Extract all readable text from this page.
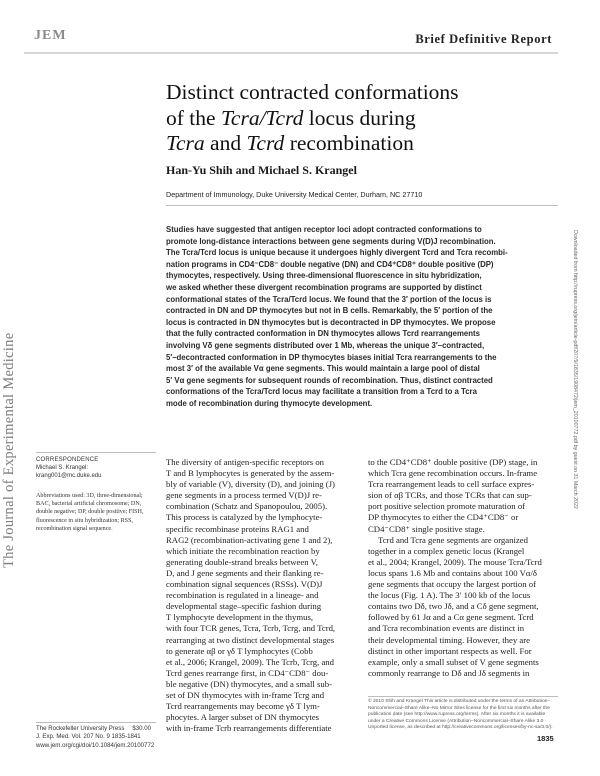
JEM	Brief Definitive Report
The Journal of Experimental Medicine	Downloaded from http://rupress.org/jem/article-pdf/207/9/1835/1908472/jem_20100772.pdf by guest on 31 March 2022
Distinct contracted conformations
of the Tcra/Tcrd locus during
Tcra and Tcrd recombination
Han-Yu Shih and Michael S. Krangel
Department of Immunology, Duke University Medical Center, Durham, NC 27710

Studies have suggested that antigen receptor loci adopt contracted conformations to

promote long-distance interactions between gene segments during V(D)J recombination.

The Tcra/Tcrd locus is unique because it undergoes highly divergent Tcrd and Tcra recombi-

nation programs in CD4⁻CD8⁻ double negative (DN) and CD4⁺CD8⁺ double positive (DP)

thymocytes, respectively. Using three-dimensional fluorescence in situ hybridization,

we asked whether these divergent recombination programs are supported by distinct

conformational states of the Tcra/Tcrd locus. We found that the 3′ portion of the locus is

contracted in DN and DP thymocytes but not in B cells. Remarkably, the 5′ portion of the

locus is contracted in DN thymocytes but is decontracted in DP thymocytes. We propose

that the fully contracted conformation in DN thymocytes allows Tcrd rearrangements

involving Vδ gene segments distributed over 1 Mb, whereas the unique 3′–contracted,

5′–decontracted conformation in DP thymocytes biases initial Tcra rearrangements to the

most 3′ of the available Vα gene segments. This would maintain a large pool of distal

5′ Vα gene segments for subsequent rounds of recombination. Thus, distinct contracted

conformations of the Tcra/Tcrd locus may facilitate a transition from a Tcrd to a Tcra

mode of recombination during thymocyte development.

CORRESPONDENCE
Michael S. Krangel:
krang001@mc.duke.edu
Abbreviations used: 3D, three-dimensional; BAC, bacterial artificial chromosome; DN, double negative; DP, double positive; FISH, fluorescence in situ hybridization; RSS, recombination signal sequence.

The diversity of antigen-specific receptors on

T and B lymphocytes is generated by the assem-

bly of variable (V), diversity (D), and joining (J)

gene segments in a process termed V(D)J re-

combination (Schatz and Spanopoulou, 2005).

This process is catalyzed by the lymphocyte-

specific recombinase proteins RAG1 and

RAG2 (recombination-activating gene 1 and 2),

which initiate the recombination reaction by

generating double-strand breaks between V,

D, and J gene segments and their flanking re-

combination signal sequences (RSSs). V(D)J

recombination is regulated in a lineage- and

developmental stage–specific fashion during

T lymphocyte development in the thymus,

with four TCR genes, Tcra, Tcrb, Tcrg, and Tcrd,

rearranging at two distinct developmental stages

to generate αβ or γδ T lymphocytes (Cobb

et al., 2006; Krangel, 2009). The Tcrb, Tcrg, and

Tcrd genes rearrange first, in CD4⁻CD8⁻ dou-

ble negative (DN) thymocytes, and a small sub-

set of DN thymocytes with in-frame Tcrg and

Tcrd rearrangements may become γδ T lym-

phocytes. A larger subset of DN thymocytes

with in-frame Tcrb rearrangements differentiate

to the CD4⁺CD8⁺ double positive (DP) stage, in

which Tcra gene recombination occurs. In-frame

Tcra rearrangement leads to cell surface expres-

sion of αβ TCRs, and those TCRs that can sup-

port positive selection promote maturation of

DP thymocytes to either the CD4⁺CD8⁻ or

CD4⁻CD8⁺ single positive stage.

Tcrd and Tcra gene segments are organized

together in a complex genetic locus (Krangel

et al., 2004; Krangel, 2009). The mouse Tcra/Tcrd

locus spans 1.6 Mb and contains about 100 Vα/δ

gene segments that occupy the largest portion of

the locus (Fig. 1 A). The 3′ 100 kb of the locus

contains two Dδ, two Jδ, and a Cδ gene segment,

followed by 61 Jα and a Cα gene segment. Tcrd

and Tcra recombination events are distinct in

their developmental timing. However, they are

distinct in other important respects as well. For

example, only a small subset of V gene segments

commonly rearrange to Dδ and Jδ segments in

© 2010 Shih and Krangel This article is distributed under the terms of an Attribution–Noncommercial–Share Alike–No Mirror Sites license for the first six months after the publication date (see http://www.rupress.org/terms). After six months it is available under a Creative Commons License (Attribution–Noncommercial–Share Alike 3.0 Unported license, as described at http://creativecommons.org/licenses/by-nc-sa/3.0/).
The Rockefeller University Press $30.00
J. Exp. Med. Vol. 207 No. 9 1835-1841
www.jem.org/cgi/doi/10.1084/jem.20100772
1835
